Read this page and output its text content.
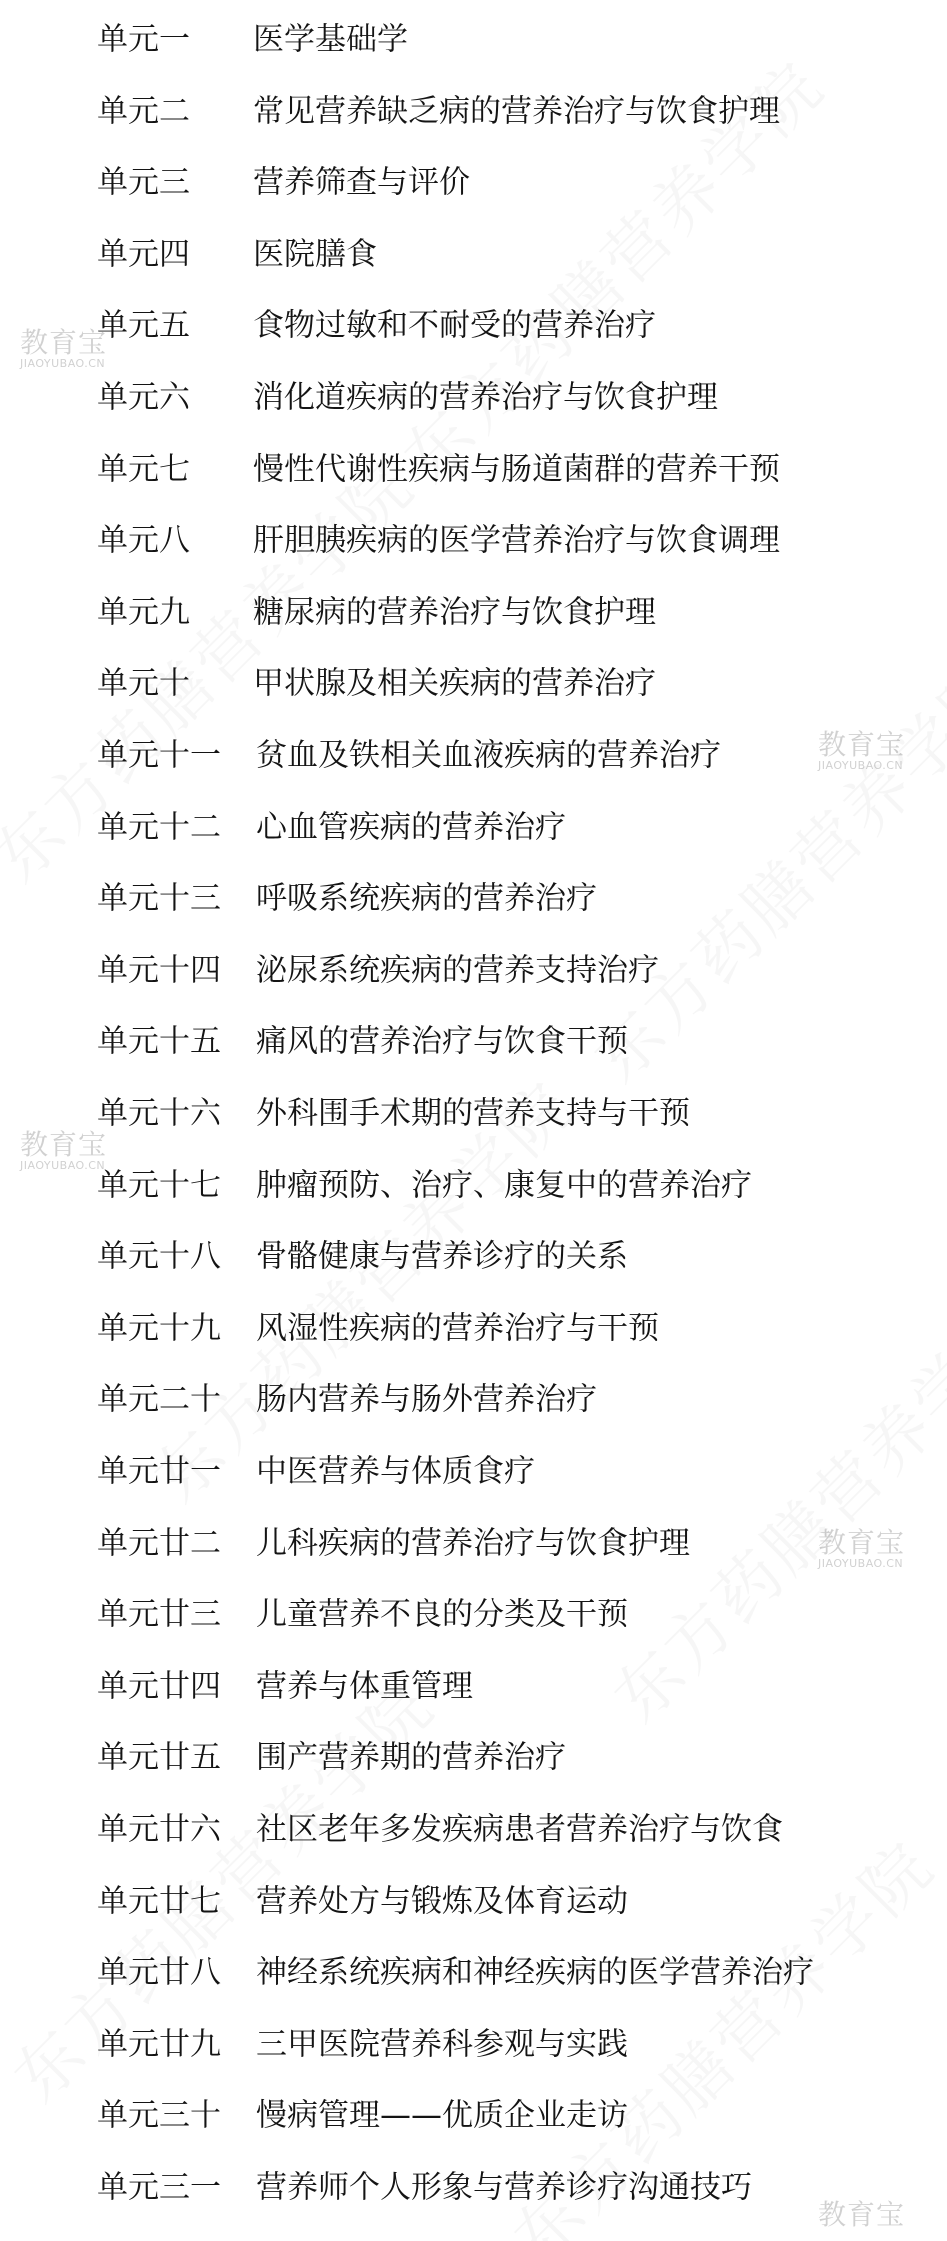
教育宝
JIAOYUBAO.CN
教育宝
JIAOYUBAO.CN
教育宝
JIAOYUBAO.CN
教育宝
JIAOYUBAO.CN
教育宝
单元一 医学基础学
单元二 常见营养缺乏病的营养治疗与饮食护理
单元三 营养筛查与评价
单元四 医院膳食
单元五 食物过敏和不耐受的营养治疗
单元六 消化道疾病的营养治疗与饮食护理
单元七 慢性代谢性疾病与肠道菌群的营养干预
单元八 肝胆胰疾病的医学营养治疗与饮食调理
单元九 糖尿病的营养治疗与饮食护理
单元十 甲状腺及相关疾病的营养治疗
单元十一 贫血及铁相关血液疾病的营养治疗
单元十二 心血管疾病的营养治疗
单元十三 呼吸系统疾病的营养治疗
单元十四 泌尿系统疾病的营养支持治疗
单元十五 痛风的营养治疗与饮食干预
单元十六 外科围手术期的营养支持与干预
单元十七 肿瘤预防、治疗、康复中的营养治疗
单元十八 骨骼健康与营养诊疗的关系
单元十九 风湿性疾病的营养治疗与干预
单元二十 肠内营养与肠外营养治疗
单元廿一 中医营养与体质食疗
单元廿二 儿科疾病的营养治疗与饮食护理
单元廿三 儿童营养不良的分类及干预
单元廿四 营养与体重管理
单元廿五 围产营养期的营养治疗
单元廿六 社区老年多发疾病患者营养治疗与饮食
单元廿七 营养处方与锻炼及体育运动
单元廿八 神经系统疾病和神经疾病的医学营养治疗
单元廿九 三甲医院营养科参观与实践
单元三十 慢病管理——优质企业走访
单元三一 营养师个人形象与营养诊疗沟通技巧
